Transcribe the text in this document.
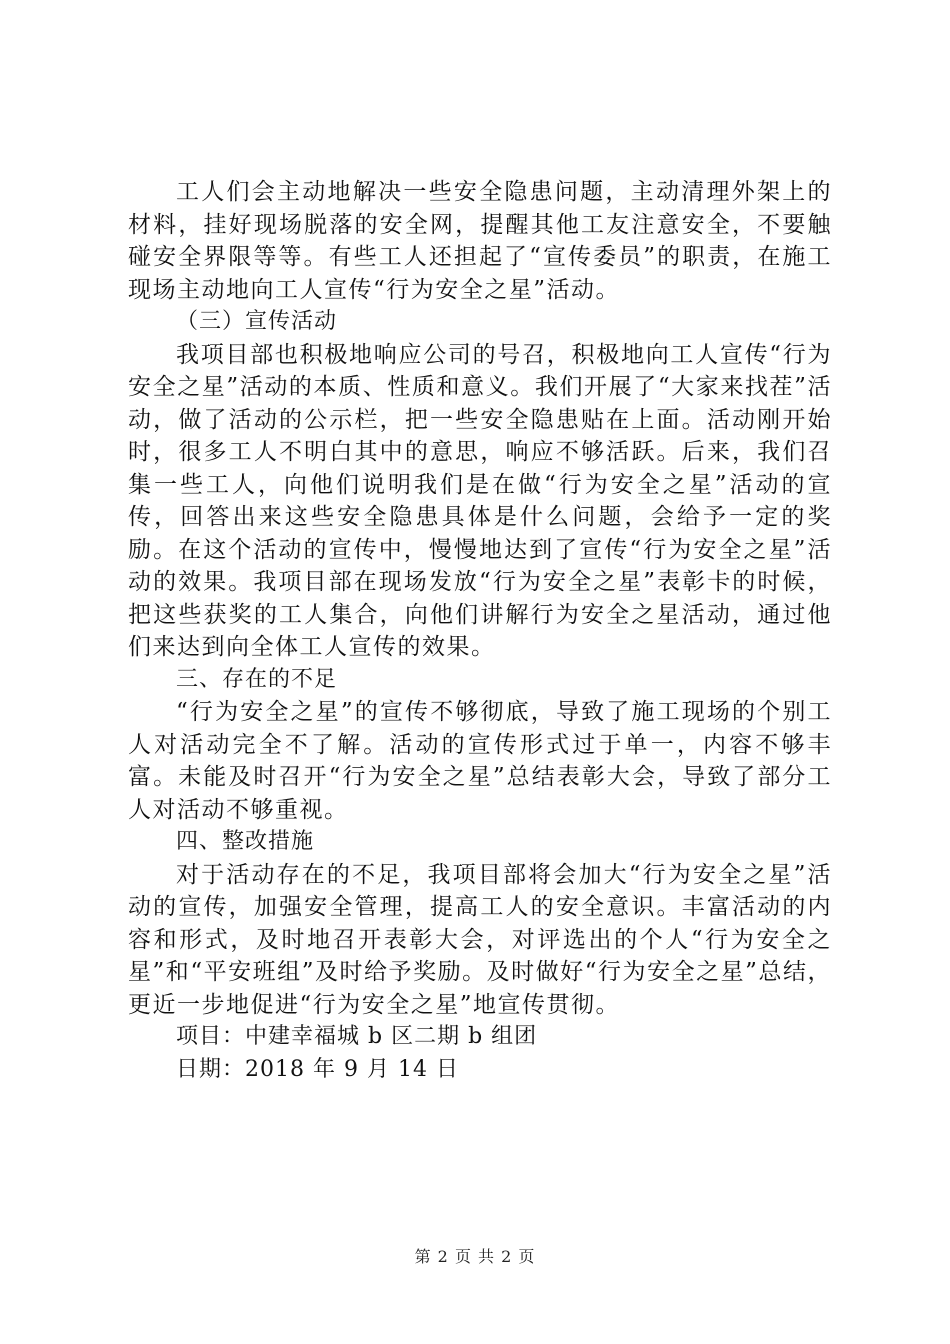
工人们会主动地解决一些安全隐患问题，主动清理外架上的材料，挂好现场脱落的安全网，提醒其他工友注意安全，不要触碰安全界限等等。有些工人还担起了“宣传委员”的职责，在施工现场主动地向工人宣传“行为安全之星”活动。

（三）宣传活动

我项目部也积极地响应公司的号召，积极地向工人宣传“行为安全之星”活动的本质、性质和意义。我们开展了“大家来找茬”活动，做了活动的公示栏，把一些安全隐患贴在上面。活动刚开始时，很多工人不明白其中的意思，响应不够活跃。后来，我们召集一些工人，向他们说明我们是在做“行为安全之星”活动的宣传，回答出来这些安全隐患具体是什么问题，会给予一定的奖励。在这个活动的宣传中，慢慢地达到了宣传“行为安全之星”活动的效果。我项目部在现场发放“行为安全之星”表彰卡的时候，把这些获奖的工人集合，向他们讲解行为安全之星活动，通过他们来达到向全体工人宣传的效果。

三、存在的不足

“行为安全之星”的宣传不够彻底，导致了施工现场的个别工人对活动完全不了解。活动的宣传形式过于单一，内容不够丰富。未能及时召开“行为安全之星”总结表彰大会，导致了部分工人对活动不够重视。

四、整改措施

对于活动存在的不足，我项目部将会加大“行为安全之星”活动的宣传，加强安全管理，提高工人的安全意识。丰富活动的内容和形式，及时地召开表彰大会，对评选出的个人“行为安全之星”和“平安班组”及时给予奖励。及时做好“行为安全之星”总结，更近一步地促进“行为安全之星”地宣传贯彻。

项目：中建幸福城 b 区二期 b 组团

日期：2018 年 9 月 14 日

第 2 页 共 2 页
